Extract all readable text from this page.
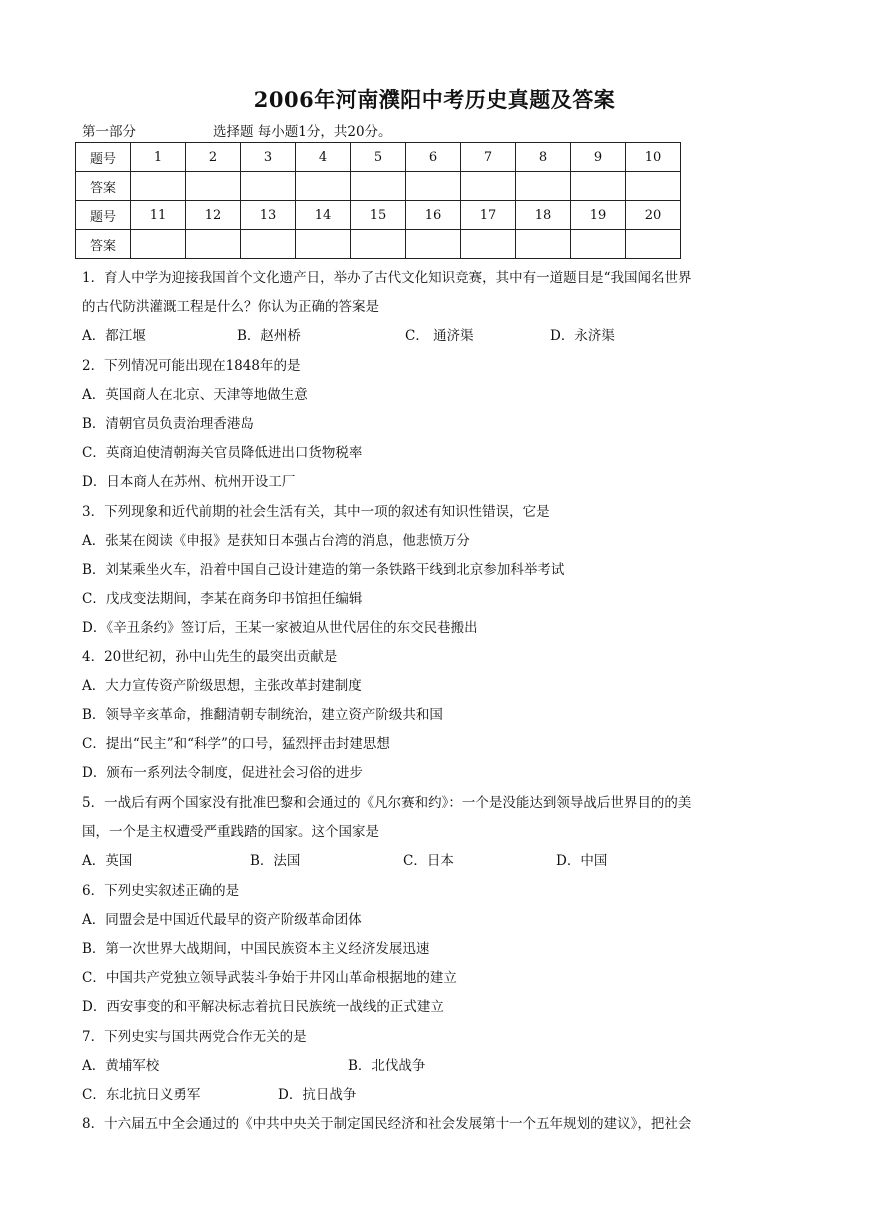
2006年河南濮阳中考历史真题及答案
第一部分	选择题 每小题1分，共20分。
题号	1	2	3	4	5	6	7	8	9	10
答案										
题号	11	12	13	14	15	16	17	18	19	20
答案										
1．育人中学为迎接我国首个文化遗产日，举办了古代文化知识竞赛，其中有一道题目是“我国闻名世界
的古代防洪灌溉工程是什么？你认为正确的答案是
A．都江堰	B．赵州桥	C． 通济渠	D．永济渠
2．下列情况可能出现在1848年的是
A．英国商人在北京、天津等地做生意
B．清朝官员负责治理香港岛
C．英商迫使清朝海关官员降低进出口货物税率
D．日本商人在苏州、杭州开设工厂
3．下列现象和近代前期的社会生活有关，其中一项的叙述有知识性错误，它是
A．张某在阅读《申报》是获知日本强占台湾的消息，他悲愤万分
B．刘某乘坐火车，沿着中国自己设计建造的第一条铁路干线到北京参加科举考试
C．戊戌变法期间，李某在商务印书馆担任编辑
D．《辛丑条约》签订后，王某一家被迫从世代居住的东交民巷搬出
4．20世纪初，孙中山先生的最突出贡献是
A．大力宣传资产阶级思想，主张改革封建制度
B．领导辛亥革命，推翻清朝专制统治，建立资产阶级共和国
C．提出“民主”和“科学”的口号，猛烈抨击封建思想
D．颁布一系列法令制度，促进社会习俗的进步
5．一战后有两个国家没有批准巴黎和会通过的《凡尔赛和约》：一个是没能达到领导战后世界目的的美
国，一个是主权遭受严重践踏的国家。这个国家是
A．英国	B．法国	C．日本	D．中国
6．下列史实叙述正确的是
A．同盟会是中国近代最早的资产阶级革命团体
B．第一次世界大战期间，中国民族资本主义经济发展迅速
C．中国共产党独立领导武装斗争始于井冈山革命根据地的建立
D．西安事变的和平解决标志着抗日民族统一战线的正式建立
7．下列史实与国共两党合作无关的是
A．黄埔军校	B．北伐战争
C．东北抗日义勇军	D．抗日战争
8．十六届五中全会通过的《中共中央关于制定国民经济和社会发展第十一个五年规划的建议》，把社会
